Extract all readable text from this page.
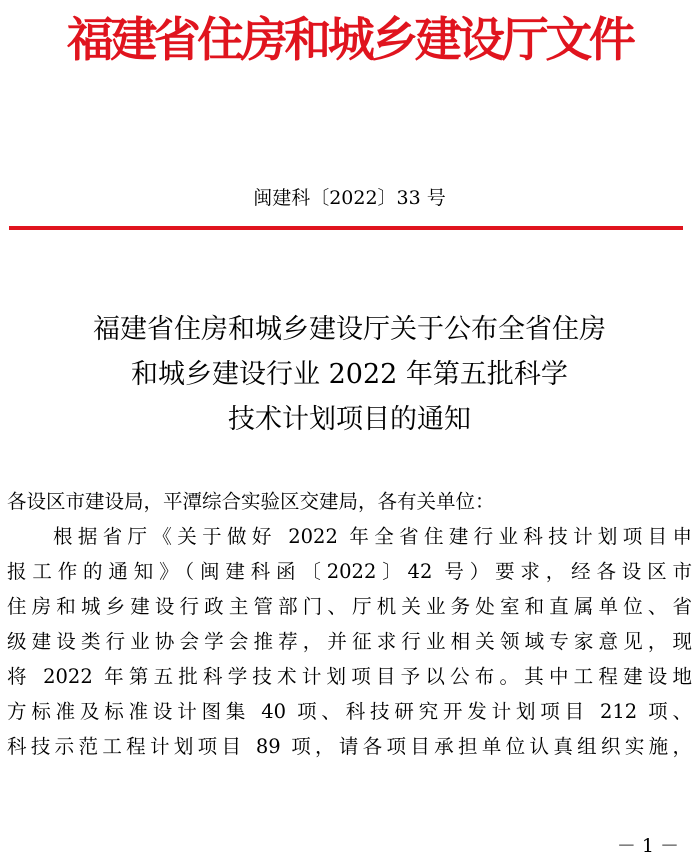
福建省住房和城乡建设厅文件
闽建科〔2022〕33 号
福建省住房和城乡建设厅关于公布全省住房
和城乡建设行业 2022 年第五批科学
技术计划项目的通知
各设区市建设局，平潭综合实验区交建局，各有关单位：
根据省厅《关于做好 2022 年全省住建行业科技计划项目申
报工作的通知》（闽建科函〔2022〕42 号）要求，经各设区市
住房和城乡建设行政主管部门、厅机关业务处室和直属单位、省
级建设类行业协会学会推荐，并征求行业相关领域专家意见，现
将 2022 年第五批科学技术计划项目予以公布。其中工程建设地
方标准及标准设计图集 40 项、科技研究开发计划项目 212 项、
科技示范工程计划项目 89 项，请各项目承担单位认真组织实施，
－ 1 －
